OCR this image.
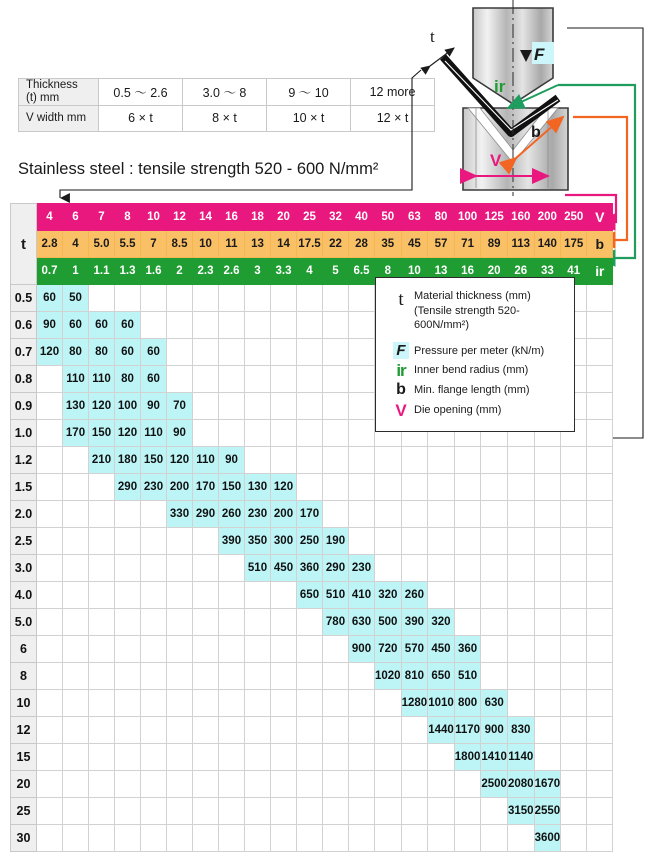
Thickness
(t) mm	0.5 ～ 2.6	3.0 ～ 8	9 ～ 10	12 more
V width mm	6 × t	8 × t	10 × t	12 × t
Stainless steel : tensile strength 520 - 600 N/mm²
t
F
ir
b
V
t	4	6	7	8	10	12	14	16	18	20	25	32	40	50	63	80	100	125	160	200	250	V
	2.8	4	5.0	5.5	7	8.5	10	11	13	14	17.5	22	28	35	45	57	71	89	113	140	175	b
	0.7	1	1.1	1.3	1.6	2	2.3	2.6	3	3.3	4	5	6.5	8	10	13	16	20	26	33	41	ir
0.5	60	50																				
0.6	90	60	60	60																		
0.7	120	80	80	60	60																	
0.8		110	110	80	60																	
0.9		130	120	100	90	70																
1.0		170	150	120	110	90																
1.2			210	180	150	120	110	90														
1.5				290	230	200	170	150	130	120												
2.0						330	290	260	230	200	170											
2.5								390	350	300	250	190										
3.0									510	450	360	290	230									
4.0											650	510	410	320	260							
5.0												780	630	500	390	320						
6													900	720	570	450	360					
8														1020	810	650	510					
10															1280	1010	800	630				
12																1440	1170	900	830			
15																	1800	1410	1140			
20																		2500	2080	1670		
25																			3150	2550		
30																				3600		
t Material thickness (mm)
(Tensile strength 520-600N/mm²)
F Pressure per meter (kN/m)
ir Inner bend radius (mm)
b Min. flange length (mm)
V Die opening (mm)
